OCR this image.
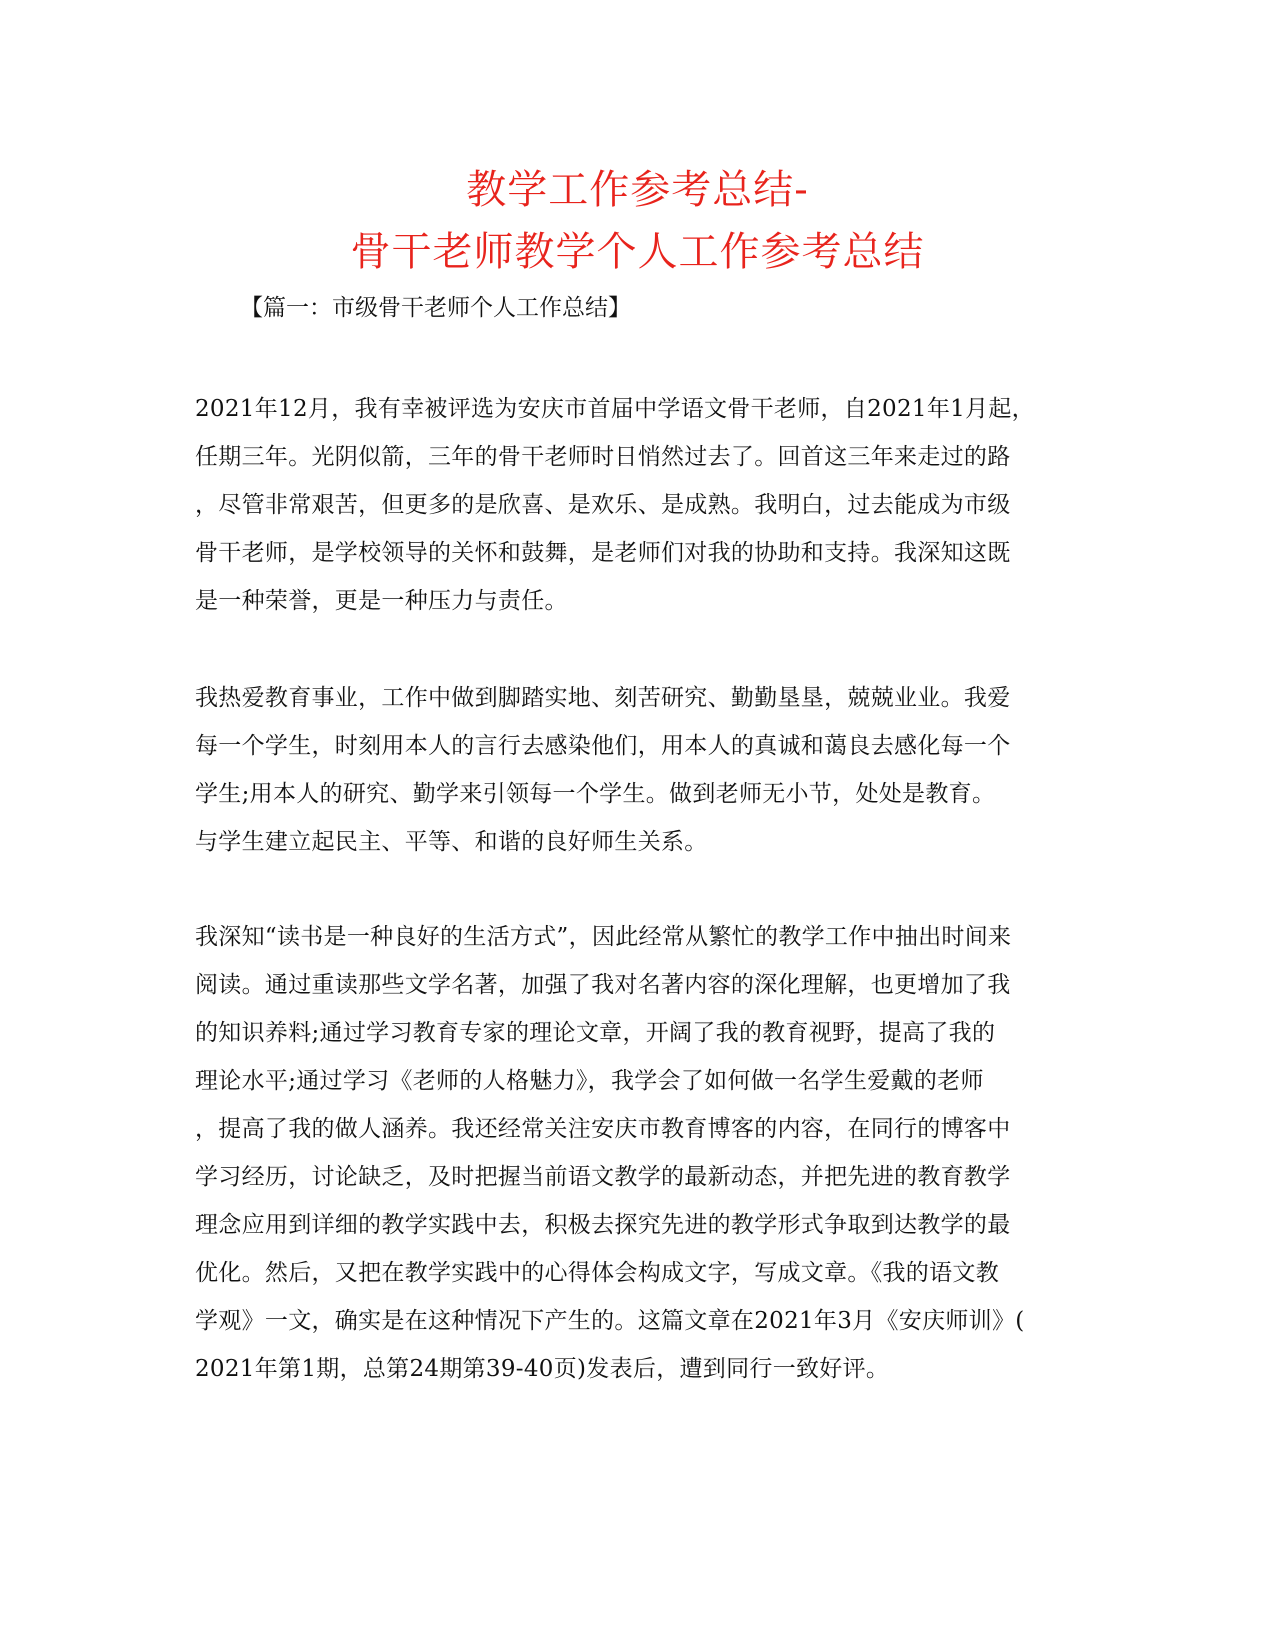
教学工作参考总结-
骨干老师教学个人工作参考总结
【篇一：市级骨干老师个人工作总结】
2021年12月，我有幸被评选为安庆市首届中学语文骨干老师，自2021年1月起，
任期三年。光阴似箭，三年的骨干老师时日悄然过去了。回首这三年来走过的路
，尽管非常艰苦，但更多的是欣喜、是欢乐、是成熟。我明白，过去能成为市级
骨干老师，是学校领导的关怀和鼓舞，是老师们对我的协助和支持。我深知这既
是一种荣誉，更是一种压力与责任。
我热爱教育事业，工作中做到脚踏实地、刻苦研究、勤勤垦垦，兢兢业业。我爱
每一个学生，时刻用本人的言行去感染他们，用本人的真诚和蔼良去感化每一个
学生;用本人的研究、勤学来引领每一个学生。做到老师无小节，处处是教育。
与学生建立起民主、平等、和谐的良好师生关系。
我深知“读书是一种良好的生活方式”，因此经常从繁忙的教学工作中抽出时间来
阅读。通过重读那些文学名著，加强了我对名著内容的深化理解，也更增加了我
的知识养料;通过学习教育专家的理论文章，开阔了我的教育视野，提高了我的
理论水平;通过学习《老师的人格魅力》，我学会了如何做一名学生爱戴的老师
，提高了我的做人涵养。我还经常关注安庆市教育博客的内容，在同行的博客中
学习经历，讨论缺乏，及时把握当前语文教学的最新动态，并把先进的教育教学
理念应用到详细的教学实践中去，积极去探究先进的教学形式争取到达教学的最
优化。然后，又把在教学实践中的心得体会构成文字，写成文章。《我的语文教
学观》一文，确实是在这种情况下产生的。这篇文章在2021年3月《安庆师训》(
2021年第1期，总第24期第39-40页)发表后，遭到同行一致好评。
